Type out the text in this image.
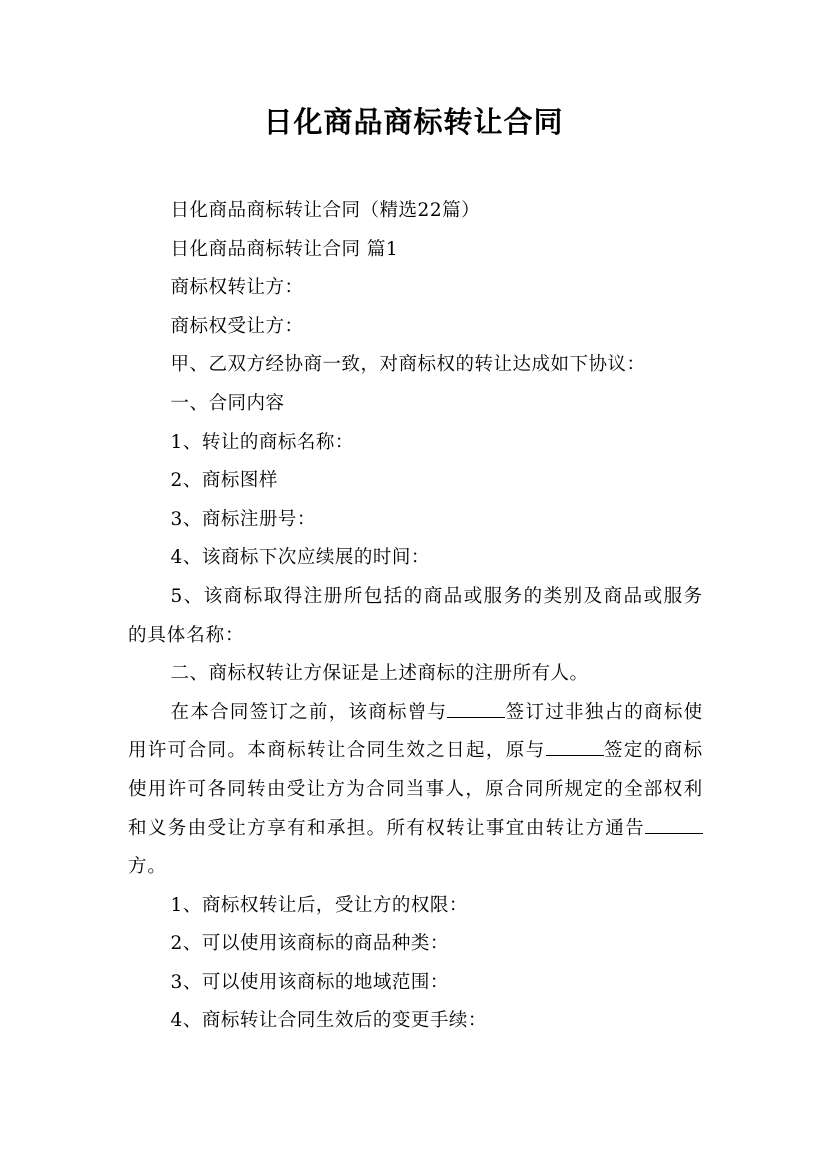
日化商品商标转让合同

日化商品商标转让合同（精选22篇）

日化商品商标转让合同 篇1

商标权转让方：

商标权受让方：

甲、乙双方经协商一致，对商标权的转让达成如下协议：

一、合同内容

1、转让的商标名称：

2、商标图样

3、商标注册号：

4、该商标下次应续展的时间：

5、该商标取得注册所包括的商品或服务的类别及商品或服务的具体名称：

二、商标权转让方保证是上述商标的注册所有人。

在本合同签订之前，该商标曾与	签订过非独占的商标使用许可合同。本商标转让合同生效之日起，原与	签定的商标使用许可各同转由受让方为合同当事人，原合同所规定的全部权利和义务由受让方享有和承担。所有权转让事宜由转让方通告方。

1、商标权转让后，受让方的权限：

2、可以使用该商标的商品种类：

3、可以使用该商标的地域范围：

4、商标转让合同生效后的变更手续：
